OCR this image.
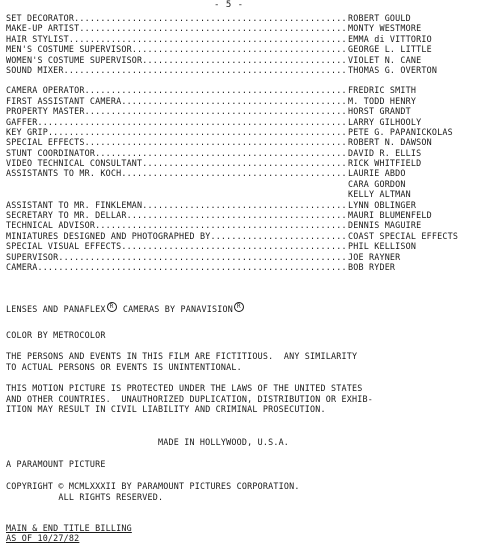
- 5 -
SET DECORATOR .....	ROBERT GOULD
MAKE-UP ARTIST .....	MONTY WESTMORE
HAIR STYLIST .....	EMMA di VITTORIO
MEN'S COSTUME SUPERVISOR .....	GEORGE L. LITTLE
WOMEN'S COSTUME SUPERVISOR .....	VIOLET N. CANE
SOUND MIXER .....	THOMAS G. OVERTON
CAMERA OPERATOR .....	FREDRIC SMITH
FIRST ASSISTANT CAMERA .....	M. TODD HENRY
PROPERTY MASTER .....	HORST GRANDT
GAFFER .....	LARRY GILHOOLY
KEY GRIP .....	PETE G. PAPANICKOLAS
SPECIAL EFFECTS .....	ROBERT N. DAWSON
STUNT COORDINATOR .....	DAVID R. ELLIS
VIDEO TECHNICAL CONSULTANT .....	RICK WHITFIELD
ASSISTANTS TO MR. KOCH .....	LAURIE ABDO
CARA GORDON
KELLY ALTMAN
ASSISTANT TO MR. FINKLEMAN .....	LYNN OBLINGER
SECRETARY TO MR. DELLAR .....	MAURI BLUMENFELD
TECHNICAL ADVISOR .....	DENNIS MAGUIRE
MINIATURES DESIGNED AND PHOTOGRAPHED BY .....	COAST SPECIAL EFFECTS
SPECIAL VISUAL EFFECTS .....	PHIL KELLISON
SUPERVISOR .....	JOE RAYNER
CAMERA .....	BOB RYDER
LENSES AND PANAFLEX R CAMERAS BY PANAVISION R
COLOR BY METROCOLOR
THE PERSONS AND EVENTS IN THIS FILM ARE FICTITIOUS.  ANY SIMILARITY
TO ACTUAL PERSONS OR EVENTS IS UNINTENTIONAL.
THIS MOTION PICTURE IS PROTECTED UNDER THE LAWS OF THE UNITED STATES
AND OTHER COUNTRIES.  UNAUTHORIZED DUPLICATION, DISTRIBUTION OR EXHIB-
ITION MAY RESULT IN CIVIL LIABILITY AND CRIMINAL PROSECUTION.
MADE IN HOLLYWOOD, U.S.A.
A PARAMOUNT PICTURE
COPYRIGHT © MCMLXXXII BY PARAMOUNT PICTURES CORPORATION.
ALL RIGHTS RESERVED.
MAIN & END TITLE BILLING
AS OF 10/27/82
